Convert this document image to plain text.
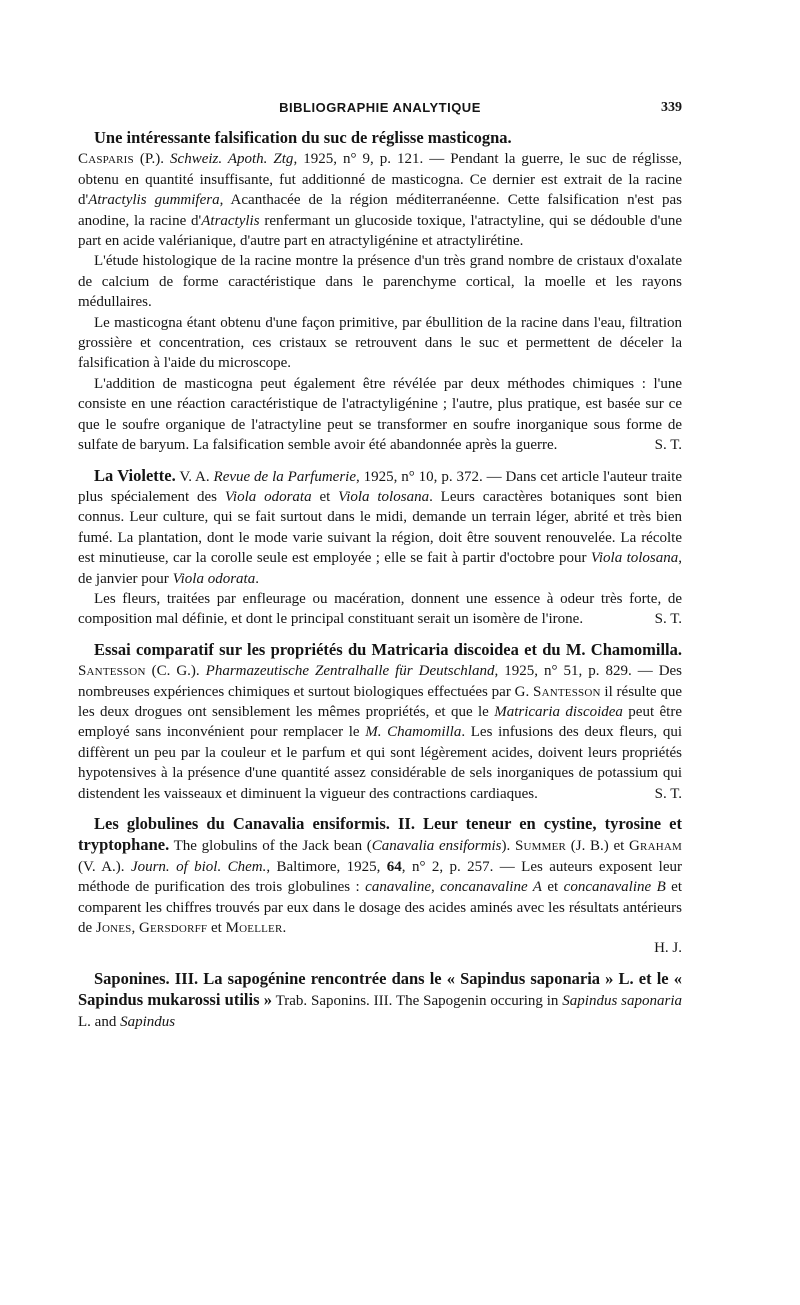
BIBLIOGRAPHIE ANALYTIQUE	339

Une intéressante falsification du suc de réglisse masticogna.
Casparis (P.). Schweiz. Apoth. Ztg, 1925, n° 9, p. 121. — Pendant la guerre, le suc de réglisse, obtenu en quantité insuffisante, fut additionné de masticogna. Ce dernier est extrait de la racine d'Atractylis gummifera, Acanthacée de la région méditerranéenne. Cette falsification n'est pas anodine, la racine d'Atractylis renfermant un glucoside toxique, l'atractyline, qui se dédouble d'une part en acide valérianique, d'autre part en atractyligénine et atractylirétine.

L'étude histologique de la racine montre la présence d'un très grand nombre de cristaux d'oxalate de calcium de forme caractéristique dans le parenchyme cortical, la moelle et les rayons médullaires.

Le masticogna étant obtenu d'une façon primitive, par ébullition de la racine dans l'eau, filtration grossière et concentration, ces cristaux se retrouvent dans le suc et permettent de déceler la falsification à l'aide du microscope.

L'addition de masticogna peut également être révélée par deux méthodes chimiques : l'une consiste en une réaction caractéristique de l'atractyligénine ; l'autre, plus pratique, est basée sur ce que le soufre organique de l'atractyline peut se transformer en soufre inorganique sous forme de sulfate de baryum. La falsification semble avoir été abandonnée après la guerre.	S. T.

La Violette. V. A. Revue de la Parfumerie, 1925, n° 10, p. 372. — Dans cet article l'auteur traite plus spécialement des Viola odorata et Viola tolosana. Leurs caractères botaniques sont bien connus. Leur culture, qui se fait surtout dans le midi, demande un terrain léger, abrité et très bien fumé. La plantation, dont le mode varie suivant la région, doit être souvent renouvelée. La récolte est minutieuse, car la corolle seule est employée ; elle se fait à partir d'octobre pour Viola tolosana, de janvier pour Viola odorata.

Les fleurs, traitées par enfleurage ou macération, donnent une essence à odeur très forte, de composition mal définie, et dont le principal constituant serait un isomère de l'irone.	S. T.

Essai comparatif sur les propriétés du Matricaria discoidea et du M. Chamomilla. Santesson (C. G.). Pharmazeutische Zentralhalle für Deutschland, 1925, n° 51, p. 829. — Des nombreuses expériences chimiques et surtout biologiques effectuées par G. Santesson il résulte que les deux drogues ont sensiblement les mêmes propriétés, et que le Matricaria discoidea peut être employé sans inconvénient pour remplacer le M. Chamomilla. Les infusions des deux fleurs, qui diffèrent un peu par la couleur et le parfum et qui sont légèrement acides, doivent leurs propriétés hypotensives à la présence d'une quantité assez considérable de sels inorganiques de potassium qui distendent les vaisseaux et diminuent la vigueur des contractions cardiaques.	S. T.

Les globulines du Canavalia ensiformis. II. Leur teneur en cystine, tyrosine et tryptophane. The globulins of the Jack bean (Canavalia ensiformis). Summer (J. B.) et Graham (V. A.). Journ. of biol. Chem., Baltimore, 1925, 64, n° 2, p. 257. — Les auteurs exposent leur méthode de purification des trois globulines : canavaline, concanavaline A et concanavaline B et comparent les chiffres trouvés par eux dans le dosage des acides aminés avec les résultats antérieurs de Jones, Gersdorff et Moeller.

H. J.

Saponines. III. La sapogénine rencontrée dans le « Sapindus saponaria » L. et le « Sapindus mukarossi utilis » Trab. Saponins. III. The Sapogenin occuring in Sapindus saponaria L. and Sapindus
